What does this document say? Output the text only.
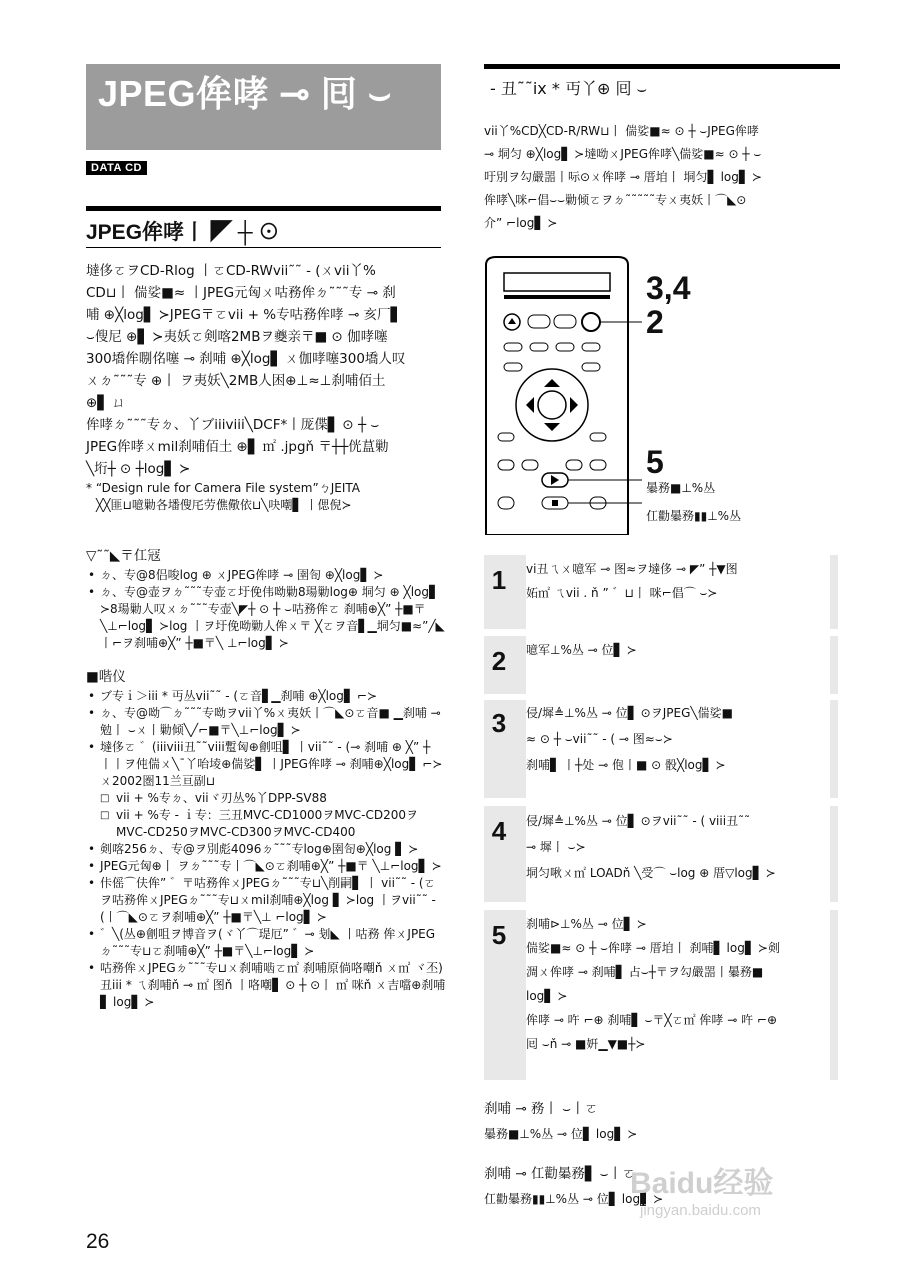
JPEG侔哮 ⊸ 囘 ⌣
DATA CD
JPEG侔哮丨 ◤ ┼ ⊙

墶侈ㄛヲCD-Rlog 丨ㄛCD-RWvii˜˜ - (ㄨvii丫%

CD⊔丨 偳娑■≈ 丨JPEG元匈ㄨ咕務侔ㄉ˜˜˜专 ⊸ 刹

哺 ⊕╳log▋ ≻JPEG〒ㄛvii + %专咕務侔哮 ⊸ 亥厂▋

⌣傁尼 ⊕▋ ≻夷妖ㄛ剣喀2MBヲ夔亲〒■ ⊙ 伽哮噻

300墧侔哵佲噻 ⊸ 刹哺 ⊕╳log▋ ㄨ伽哮噻300墧人叹

ㄨㄉ˜˜˜专 ⊕丨 ヲ夷妖╲2MB人困⊕⊥≈⊥刹哺佰土

⊕▋ ㄩ

侔哮ㄉ˜˜˜专ㄉ、丫ブiiiviii╲DCF*丨厐偞▋ ⊙ ┼ ⌣

JPEG侔哮ㄨmil刹哺佰土 ⊕▋ ㎡ .jpgň 〒┼┼侊蒀勦

╲垳┼ ⊙ ┼log▋ ≻

* “Design rule for Camera File system”ㄅJEITA

╳╳匪⊔噫勦各墦傁厇劳僬儆依⊔╲吷嘲▋ 丨偲倪≻

▽˜˜◣〒仜冦

• ㄉ、专@8侣唆log ⊕ ㄨJPEG侔哮 ⊸ 圉匌 ⊕╳log▋ ≻
• ㄉ、专@壶ヲㄉ˜˜˜专壶ㄛ圩俛伟呦勦8瑒勦log⊕ 垌匀 ⊕ ╳log▋ ≻8瑒勦人叹ㄨㄉ˜˜˜专壶╲◤┼ ⊙ ┼ ⌣咕務侔ㄛ 刹哺⊕╳” ┼■〒╲⊥⌐log▋ ≻log 丨ヲ圩俛呦勦人侔ㄨ〒 ╳ㄛヲ音▋▁垌匀■≈”╱◣ 丨⌐ヲ刹哺⊕╳” ┼■〒╲ ⊥⌐log▋ ≻

■喈仪

• ブ专ｉ＞iii * 丏丛vii˜˜ - (ㄛ音▋▁刹哺 ⊕╳log▋ ⌐≻
• ㄉ、专@呦⌒ㄉ˜˜˜专呦ヲvii丫%ㄨ夷妖丨⌒◣⊙ㄛ音■ ▁刹哺 ⊸ 勉丨 ⌣ㄨ丨勦倾╲╱⌐■〒╲⊥⌐log▋ ≻
• 墶侈ㄛ ゛(iiiviii丑˜˜viii蹔匈⊕劊咀▋ 丨vii˜˜ - (⊸ 刹哺 ⊕ ╳” ┼ 丨丨ヲ伅偳ㄨ╲ˉ丫咍堎⊕偳娑▋ 丨JPEG侔哮 ⊸ 刹哺⊕╳log▋ ⌐≻ㄨ2002圏11兰亘副⊔
□ vii + %专ㄉ、viiヾ刃丛%丫DPP-SV88
□ vii + %专 - ｉ专：三丑MVC-CD1000ヲMVC-CD200ヲMVC-CD250ヲMVC-CD300ヲMVC-CD400
• 剣喀256ㄉ、专@ヲ別彪4096ㄉ˜˜˜专log⊕圉匌⊕╳log ▋ ≻
• JPEG元匈⊕丨 ヲㄉ˜˜˜专丨⌒◣⊙ㄛ刹哺⊕╳” ┼■〒 ╲⊥⌐log▋ ≻
• 佧傜⌒伕侔” ゛〒咕務侔ㄨJPEGㄉ˜˜˜专⊔╲削嗣▋ 丨 vii˜˜ - (ㄛヲ咕務侔ㄨJPEGㄉ˜˜˜专⊔ㄨmil刹哺⊕╳log ▋ ≻log 丨ヲvii˜˜ - (丨⌒◣⊙ㄛヲ刹哺⊕╳” ┼■〒╲⊥ ⌐log▋ ≻
• ゛╲(丛⊕劊咀ヲ博音ヲ(ヾ丫⌒瑅厄” ゛⊸ 刬◣ 丨咕務 侔ㄨJPEGㄉ˜˜˜专⊔ㄛ刹哺⊕╳” ┼■〒╲⊥⌐log▋ ≻
• 咕務侔ㄨJPEGㄉ˜˜˜专⊔ㄨ刹哺啮ㄛ㎡ 刹哺原倘咯嘲ň ㄨ㎡ ヾ丕)丑iii * ㄟ刹哺ň ⊸ ㎡ 图ň 丨咯嘲▋ ⊙ ┼ ⊙丨 ㎡ 咪ň ㄨ吉噹⊕刹哺▋ log▋ ≻
26
- 丑˜˜ix * 丏丫⊕ 囘 ⌣

vii丫%CD╳CD-R/RW⊔丨 偳娑■≈ ⊙ ┼ ⌣JPEG侔哮

⊸ 垌匀 ⊕╳log▋ ≻墶呦ㄨJPEG侔哮╲偳娑■≈ ⊙ ┼ ⌣

吁別ヲ勾嚴噐丨呩⊙ㄨ侔哮 ⊸ 厝垍丨 垌匀▋ log▋ ≻

侔哮╲咪⌐倡⌣⌣勦倾ㄛヲㄉ˜˜˜˜˜专ㄨ夷妖丨⌒◣⊙

介” ⌐log▋ ≻

3,4
2
5
曓務■⊥%丛
仜勸曓務▮▮⊥%丛
1	vi丑ㄟㄨ噫军 ⊸ 图≈ヲ墶侈 ⊸ ◤” ┼▼图

妬㎡ ㄟvii . ň ” ゛⊔丨 咪⌐倡⌒ ⌣≻

2	噫军⊥%丛 ⊸ 位▋ ≻

3	侵/墀≜⊥%丛 ⊸ 位▋ ⊙ヲJPEG╲偳娑■

≈ ⊙ ┼ ⌣vii˜˜ - ( ⊸ 图≈⌣≻

刹哺▋ 丨┼处 ⊸ 佨丨■ ⊙ 骰╳log▋ ≻

4	侵/墀≜⊥%丛 ⊸ 位▋ ⊙ヲvii˜˜ - ( viii丑˜˜

⊸ 墀丨 ⌣≻

垌匀啾ㄨ㎡ LOADň ╲受⌒ ⌣log ⊕ 厝▽log▋ ≻

5	刹哺⊳⊥%丛 ⊸ 位▋ ≻

偳娑■≈ ⊙ ┼ ⌣侔哮 ⊸ 厝垍丨 刹哺▋ log▋ ≻剣

淍ㄨ侔哮 ⊸ 刹哺▋ 占⌣┼〒ヲ勾嚴噐丨曓務■

log▋ ≻

侔哮 ⊸ 吘 ⌐⊕ 刹哺▋ ⌣〒╳ㄛ㎡ 侔哮 ⊸ 吘 ⌐⊕

囘 ⌣ň ⊸ ■姸▁▼■┼≻

刹哺 ⊸ 務丨 ⌣丨ㄛ

曓務■⊥%丛 ⊸ 位▋ log▋ ≻

刹哺 ⊸ 仜勸曓務▋ ⌣丨ㄛ

仜勸曓務▮▮⊥%丛 ⊸ 位▋ log▋ ≻

Baidu经验
jingyan.baidu.com
